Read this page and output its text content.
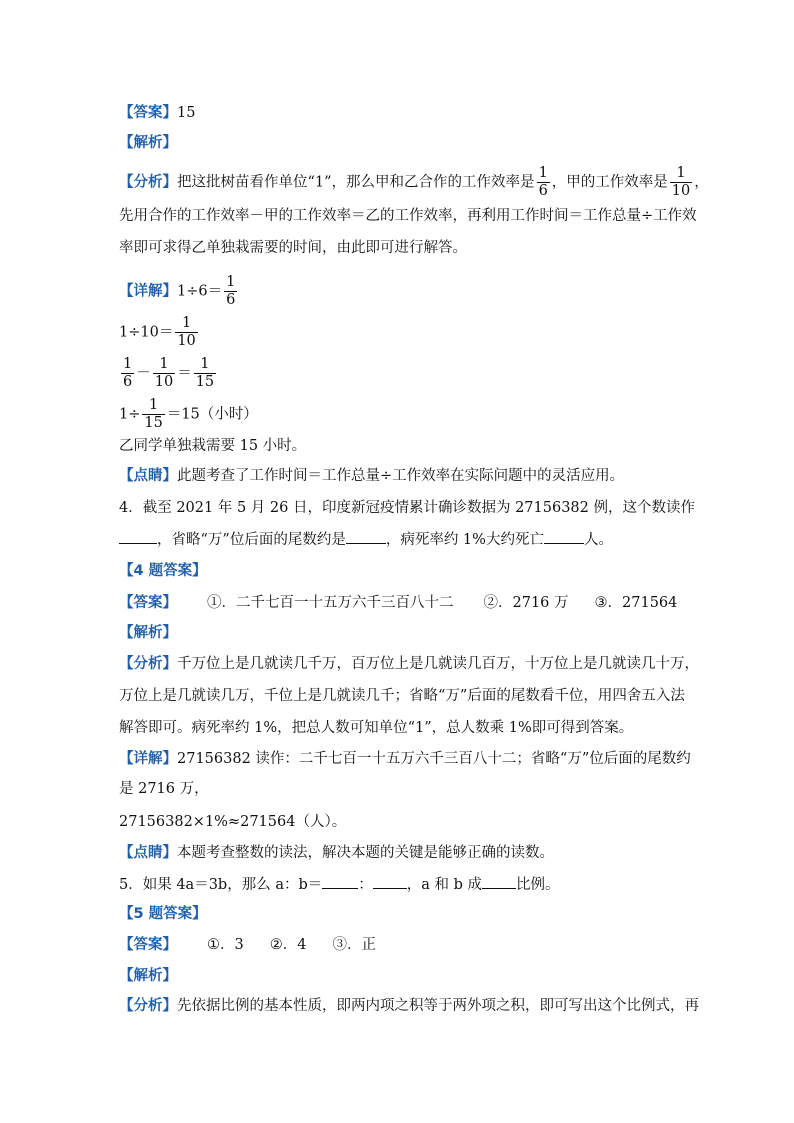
【答案】15
【解析】
【分析】把这批树苗看作单位“1”，那么甲和乙合作的工作效率是 $\frac{1}{6}$ ，甲的工作效率是 $\frac{1}{10}$ ，
先用合作的工作效率－甲的工作效率＝乙的工作效率，再利用工作时间＝工作总量÷工作效
率即可求得乙单独栽需要的时间，由此即可进行解答。
【详解】$1\div 6= \frac{1}{6}$
$1\div 10= \frac{1}{10}$
$\frac{1}{6} - \frac{1}{10} = \frac{1}{15}$
$1\div \frac{1}{15} =15$（小时）
乙同学单独栽需要 15 小时。
【点睛】此题考查了工作时间＝工作总量÷工作效率在实际问题中的灵活应用。
4．截至 2021 年 5 月 26 日，印度新冠疫情累计确诊数据为 27156382 例，这个数读作
，省略“万”位后面的尾数约是	，病死率约 1%大约死亡	人。
【4 题答案】
【答案】 ①．二千七百一十五万六千三百八十二 ②．2716 万 ③．271564
【解析】
【分析】千万位上是几就读几千万，百万位上是几就读几百万，十万位上是几就读几十万，
万位上是几就读几万，千位上是几就读几千；省略“万”后面的尾数看千位，用四舍五入法
解答即可。病死率约 1%，把总人数可知单位“1”，总人数乘 1%即可得到答案。
【详解】27156382 读作：二千七百一十五万六千三百八十二；省略“万”位后面的尾数约
是 2716 万，
27156382×1%≈271564（人）。
【点睛】本题考查整数的读法，解决本题的关键是能够正确的读数。
5．如果 4a＝3b，那么 a：b＝ ： ，a 和 b 成 比例。
【5 题答案】
【答案】 ①．3 ②．4 ③．正
【解析】
【分析】先依据比例的基本性质，即两内项之积等于两外项之积，即可写出这个比例式，再
